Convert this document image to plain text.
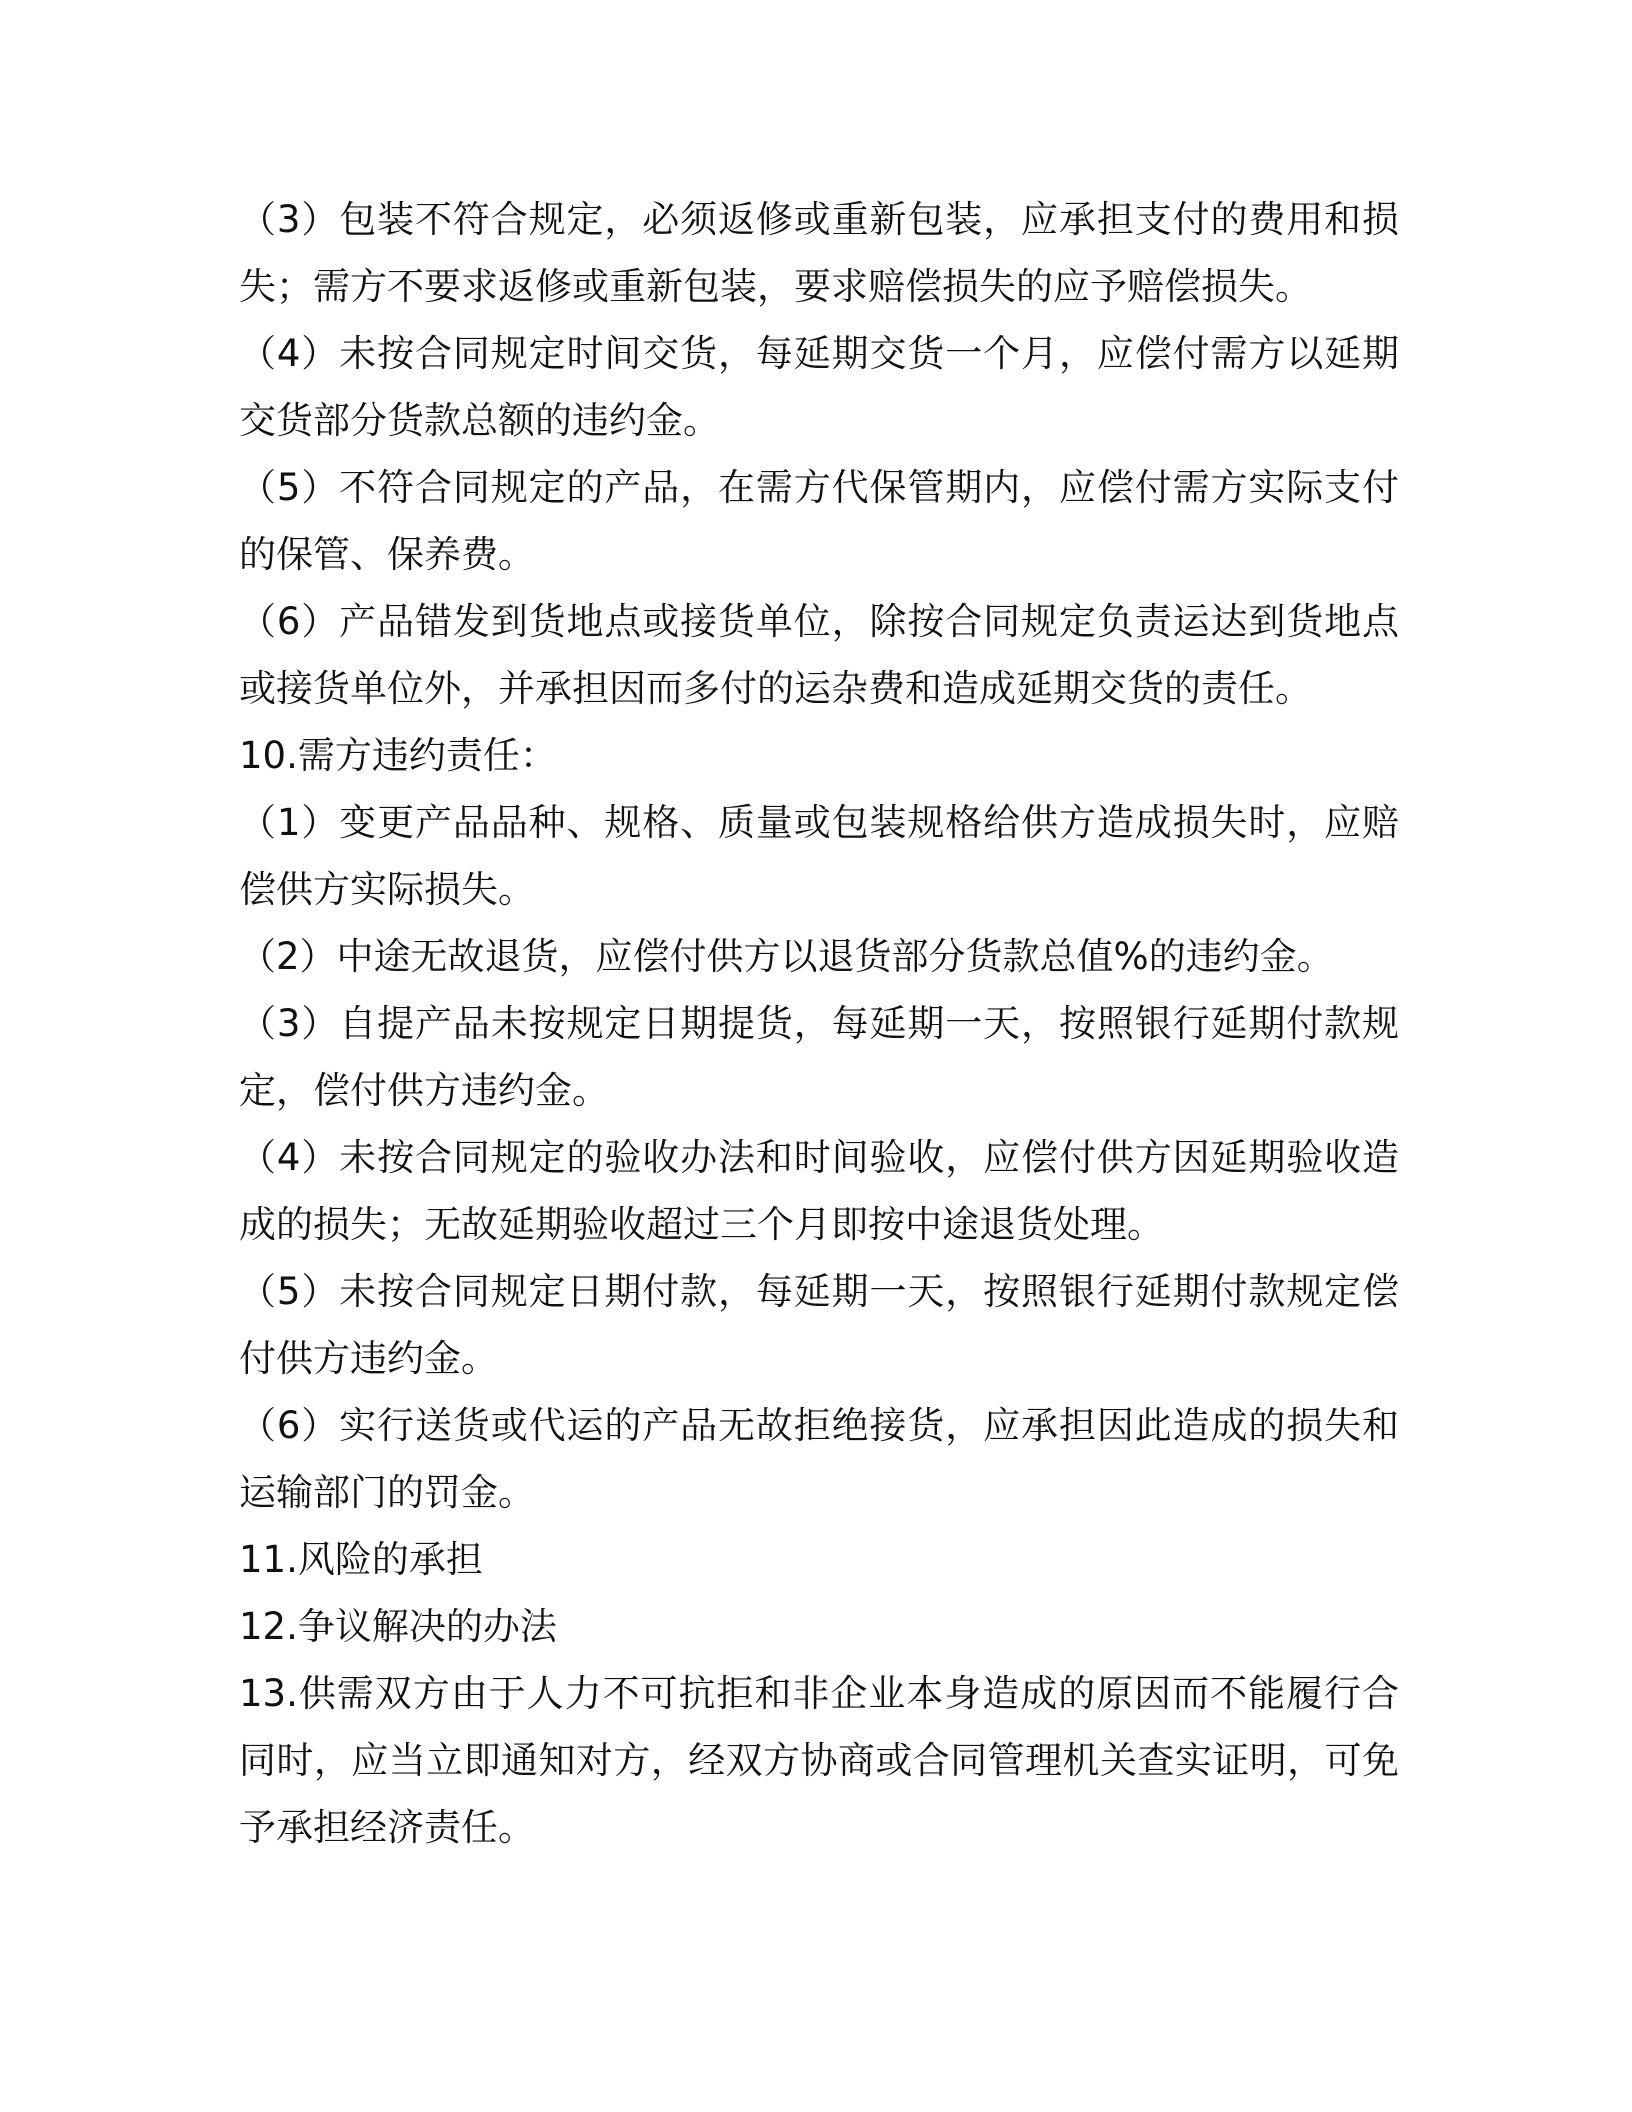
（3）包装不符合规定，必须返修或重新包装，应承担支付的费用和损失；需方不要求返修或重新包装，要求赔偿损失的应予赔偿损失。

（4）未按合同规定时间交货，每延期交货一个月，应偿付需方以延期交货部分货款总额的违约金。

（5）不符合同规定的产品，在需方代保管期内，应偿付需方实际支付的保管、保养费。

（6）产品错发到货地点或接货单位，除按合同规定负责运达到货地点或接货单位外，并承担因而多付的运杂费和造成延期交货的责任。

10.需方违约责任：

（1）变更产品品种、规格、质量或包装规格给供方造成损失时，应赔偿供方实际损失。

（2）中途无故退货，应偿付供方以退货部分货款总值%的违约金。

（3）自提产品未按规定日期提货，每延期一天，按照银行延期付款规定，偿付供方违约金。

（4）未按合同规定的验收办法和时间验收，应偿付供方因延期验收造成的损失；无故延期验收超过三个月即按中途退货处理。

（5）未按合同规定日期付款，每延期一天，按照银行延期付款规定偿付供方违约金。

（6）实行送货或代运的产品无故拒绝接货，应承担因此造成的损失和运输部门的罚金。

11.风险的承担

12.争议解决的办法

13.供需双方由于人力不可抗拒和非企业本身造成的原因而不能履行合同时，应当立即通知对方，经双方协商或合同管理机关查实证明，可免予承担经济责任。
